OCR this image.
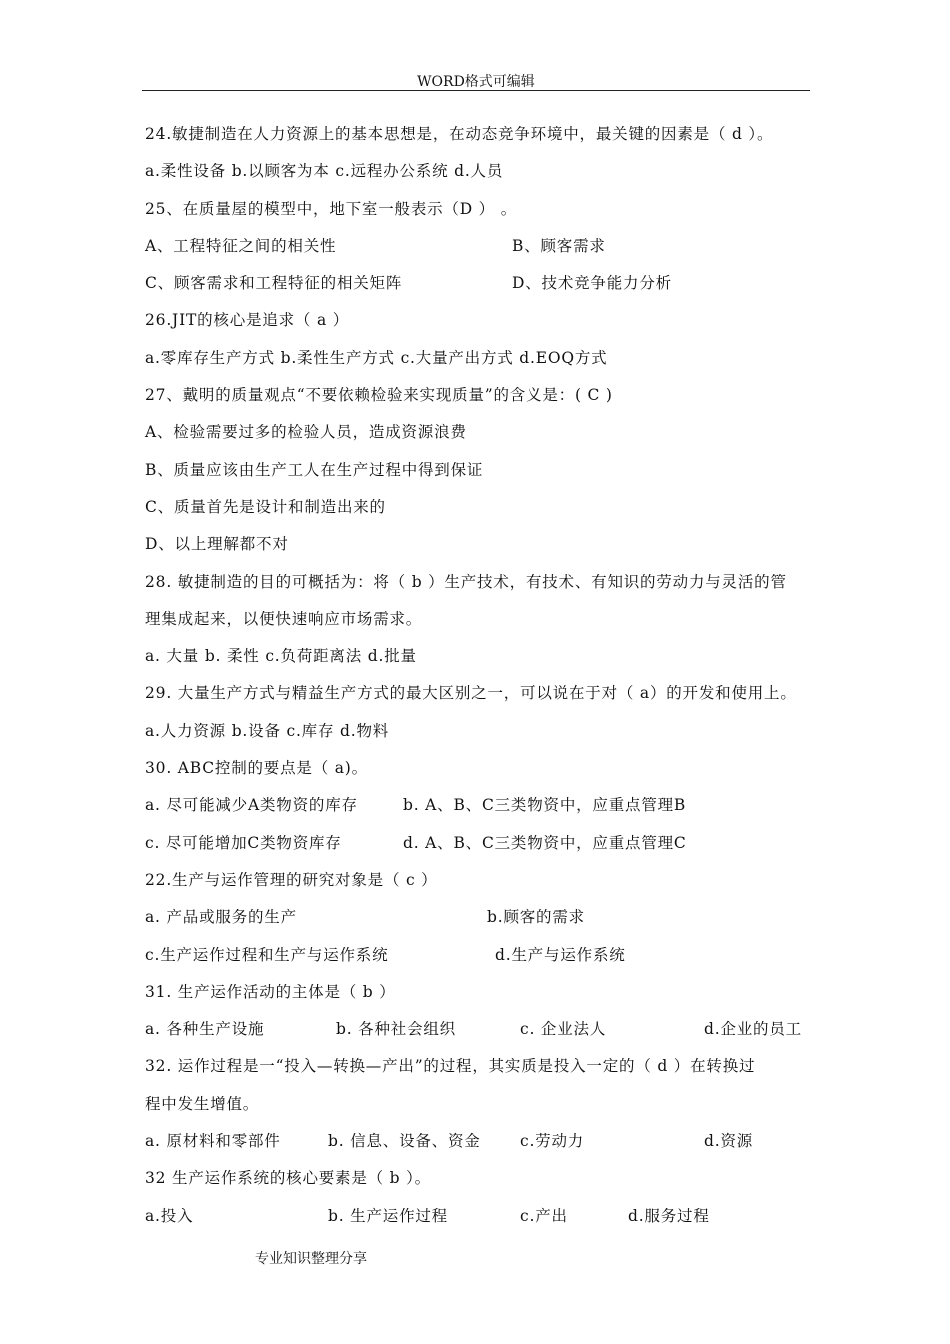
WORD格式可编辑
24.敏捷制造在人力资源上的基本思想是，在动态竞争环境中，最关键的因素是（ d ）。
a.柔性设备 b.以顾客为本 c.远程办公系统 d.人员
25、在质量屋的模型中，地下室一般表示（D ） 。
A、工程特征之间的相关性	B、顾客需求
C、顾客需求和工程特征的相关矩阵	D、技术竞争能力分析
26.JIT的核心是追求（ a ）
a.零库存生产方式 b.柔性生产方式 c.大量产出方式 d.EOQ方式
27、戴明的质量观点“不要依赖检验来实现质量”的含义是：( C )
A、检验需要过多的检验人员，造成资源浪费
B、质量应该由生产工人在生产过程中得到保证
C、质量首先是设计和制造出来的
D、以上理解都不对
28. 敏捷制造的目的可概括为：将（ b ）生产技术，有技术、有知识的劳动力与灵活的管
理集成起来，以便快速响应市场需求。
a. 大量 b. 柔性 c.负荷距离法 d.批量
29. 大量生产方式与精益生产方式的最大区别之一，可以说在于对（ a）的开发和使用上。
a.人力资源 b.设备 c.库存 d.物料
30. ABC控制的要点是（ a)。
a. 尽可能减少A类物资的库存	b. A、B、C三类物资中，应重点管理B
c. 尽可能增加C类物资库存	d. A、B、C三类物资中，应重点管理C
22.生产与运作管理的研究对象是（ c ）
a. 产品或服务的生产	b.顾客的需求
c.生产运作过程和生产与运作系统	d.生产与运作系统
31. 生产运作活动的主体是（ b ）
a. 各种生产设施	b. 各种社会组织	c. 企业法人	d.企业的员工
32. 运作过程是一“投入—转换—产出”的过程，其实质是投入一定的（ d ）在转换过
程中发生增值。
a. 原材料和零部件	b. 信息、设备、资金	c.劳动力	d.资源
32 生产运作系统的核心要素是（ b ）。
a.投入	b. 生产运作过程	c.产出	d.服务过程
专业知识整理分享
